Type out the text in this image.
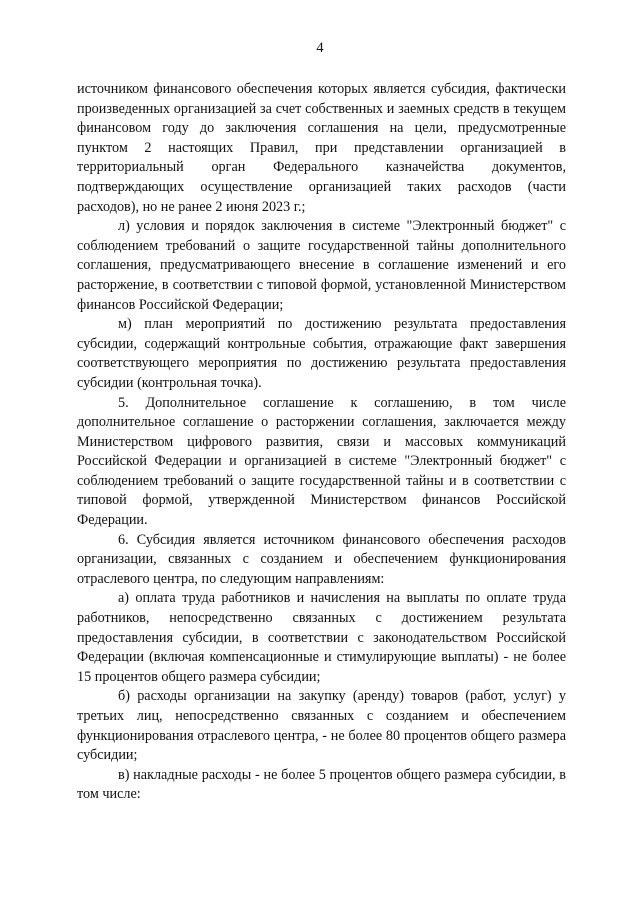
4

источником финансового обеспечения которых является субсидия, фактически произведенных организацией за счет собственных и заемных средств в текущем финансовом году до заключения соглашения на цели, предусмотренные пунктом 2 настоящих Правил, при представлении организацией в территориальный орган Федерального казначейства документов, подтверждающих осуществление организацией таких расходов (части расходов), но не ранее 2 июня 2023 г.;

л) условия и порядок заключения в системе "Электронный бюджет" с соблюдением требований о защите государственной тайны дополнительного соглашения, предусматривающего внесение в соглашение изменений и его расторжение, в соответствии с типовой формой, установленной Министерством финансов Российской Федерации;

м) план мероприятий по достижению результата предоставления субсидии, содержащий контрольные события, отражающие факт завершения соответствующего мероприятия по достижению результата предоставления субсидии (контрольная точка).

5. Дополнительное соглашение к соглашению, в том числе дополнительное соглашение о расторжении соглашения, заключается между Министерством цифрового развития, связи и массовых коммуникаций Российской Федерации и организацией в системе "Электронный бюджет" с соблюдением требований о защите государственной тайны и в соответствии с типовой формой, утвержденной Министерством финансов Российской Федерации.

6. Субсидия является источником финансового обеспечения расходов организации, связанных с созданием и обеспечением функционирования отраслевого центра, по следующим направлениям:

а) оплата труда работников и начисления на выплаты по оплате труда работников, непосредственно связанных с достижением результата предоставления субсидии, в соответствии с законодательством Российской Федерации (включая компенсационные и стимулирующие выплаты) - не более 15 процентов общего размера субсидии;

б) расходы организации на закупку (аренду) товаров (работ, услуг) у третьих лиц, непосредственно связанных с созданием и обеспечением функционирования отраслевого центра, - не более 80 процентов общего размера субсидии;

в) накладные расходы - не более 5 процентов общего размера субсидии, в том числе:
